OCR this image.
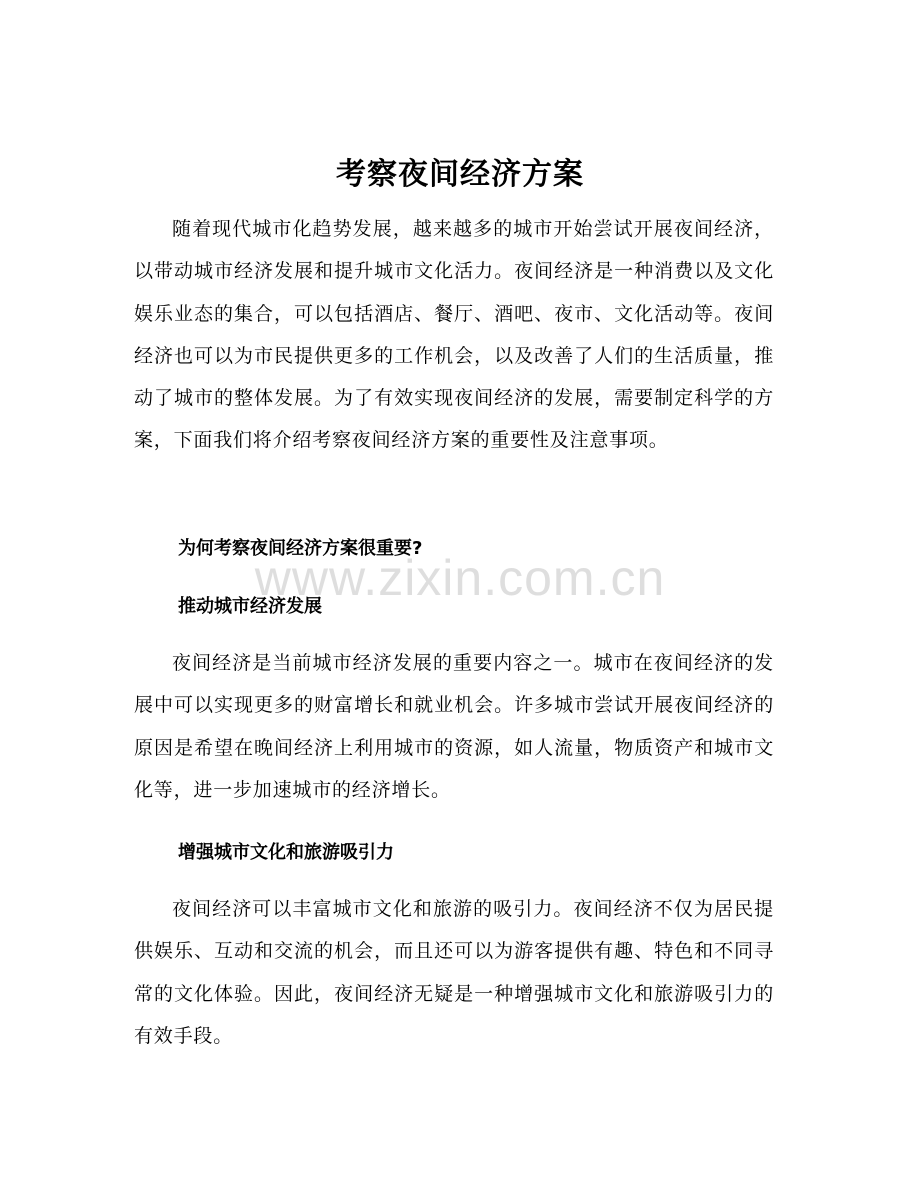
考察夜间经济方案

随着现代城市化趋势发展，越来越多的城市开始尝试开展夜间经济，以带动城市经济发展和提升城市文化活力。夜间经济是一种消费以及文化娱乐业态的集合，可以包括酒店、餐厅、酒吧、夜市、文化活动等。夜间经济也可以为市民提供更多的工作机会，以及改善了人们的生活质量，推动了城市的整体发展。为了有效实现夜间经济的发展，需要制定科学的方案，下面我们将介绍考察夜间经济方案的重要性及注意事项。

为何考察夜间经济方案很重要?
推动城市经济发展

夜间经济是当前城市经济发展的重要内容之一。城市在夜间经济的发展中可以实现更多的财富增长和就业机会。许多城市尝试开展夜间经济的原因是希望在晚间经济上利用城市的资源，如人流量，物质资产和城市文化等，进一步加速城市的经济增长。

增强城市文化和旅游吸引力

夜间经济可以丰富城市文化和旅游的吸引力。夜间经济不仅为居民提供娱乐、互动和交流的机会，而且还可以为游客提供有趣、特色和不同寻常的文化体验。因此，夜间经济无疑是一种增强城市文化和旅游吸引力的有效手段。

www.zixin.com.cn
